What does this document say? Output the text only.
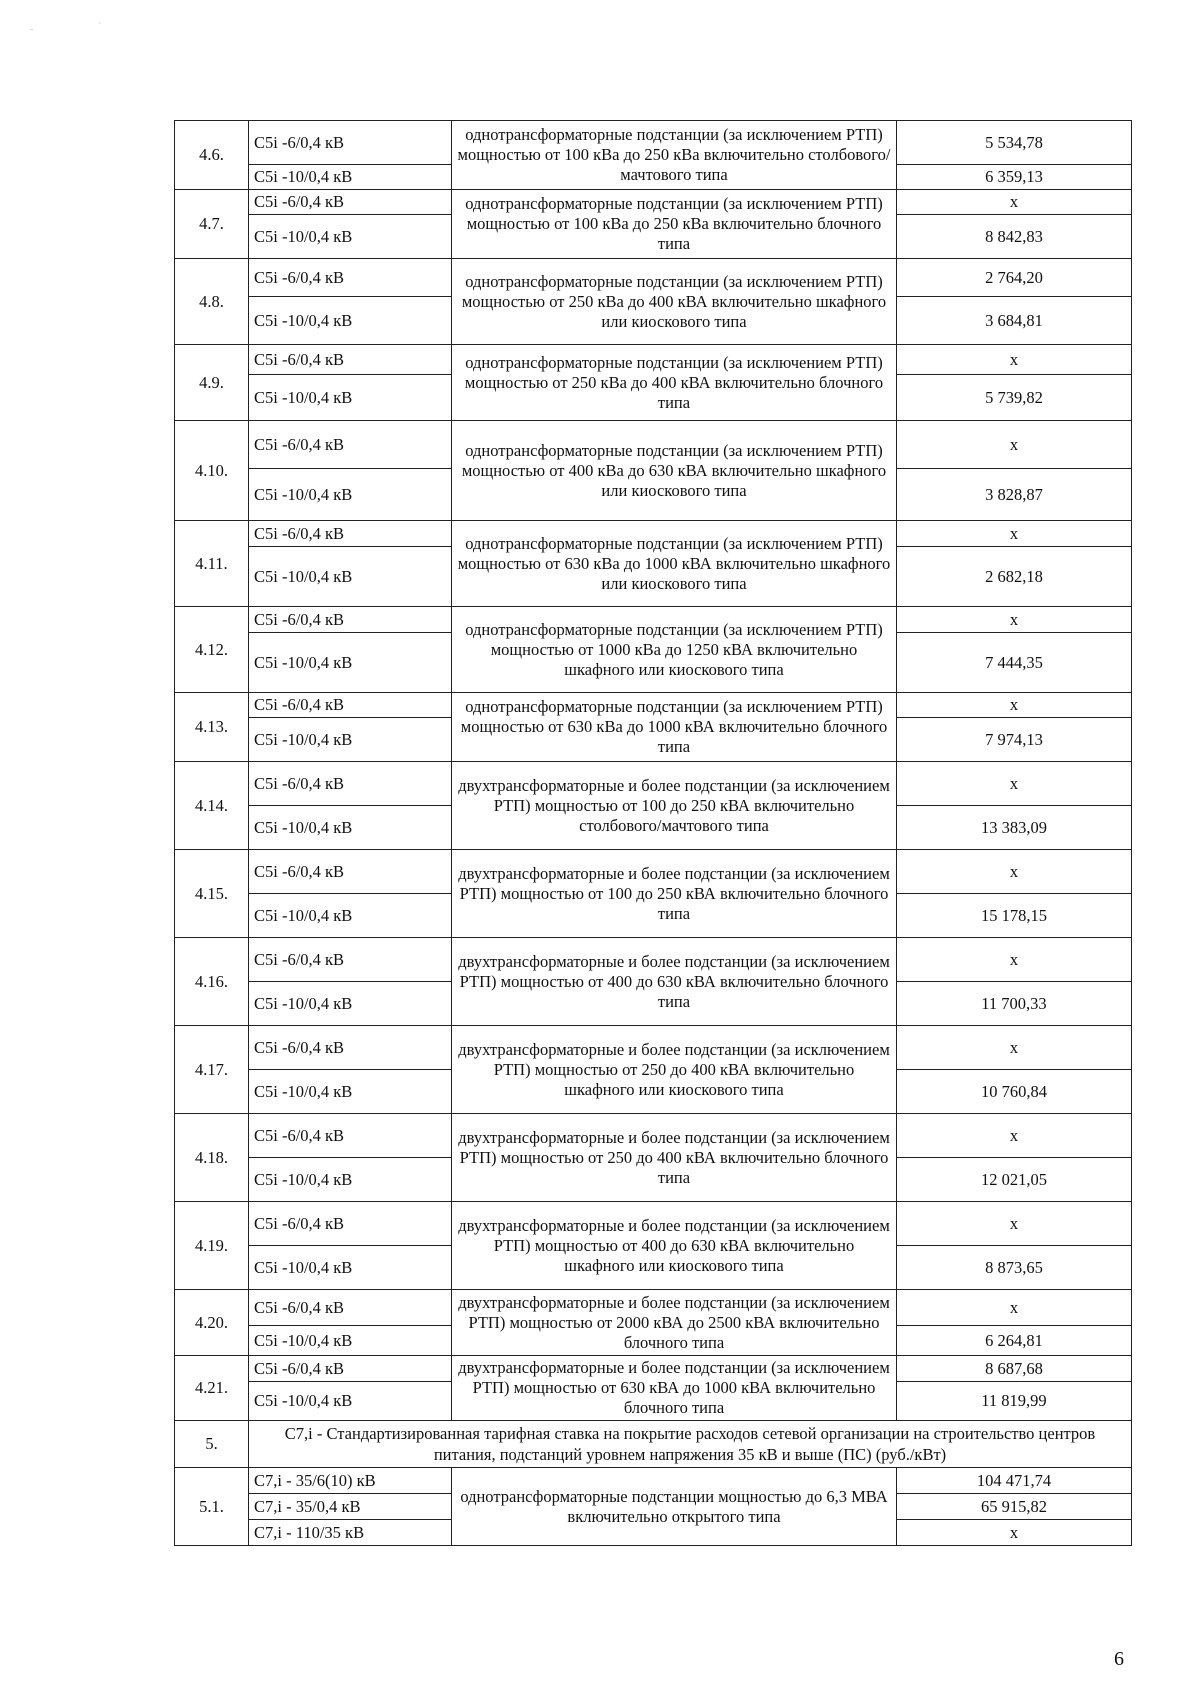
˜
`
4.6.	С5i -6/0,4 кВ	однотрансформаторные подстанции (за исключением РТП) мощностью от 100 кВа до 250 кВа включительно столбового/мачтового типа	5 534,78
	С5i -10/0,4 кВ		6 359,13
4.7.	С5i -6/0,4 кВ	однотрансформаторные подстанции (за исключением РТП) мощностью от 100 кВа до 250 кВа включительно блочного типа	х
	С5i -10/0,4 кВ		8 842,83
4.8.	С5i -6/0,4 кВ	однотрансформаторные подстанции (за исключением РТП) мощностью от 250 кВа до 400 кВА включительно шкафного или киоскового типа	2 764,20
	С5i -10/0,4 кВ		3 684,81
4.9.	С5i -6/0,4 кВ	однотрансформаторные подстанции (за исключением РТП) мощностью от 250 кВа до 400 кВА включительно блочного типа	х
	С5i -10/0,4 кВ		5 739,82
4.10.	С5i -6/0,4 кВ	однотрансформаторные подстанции (за исключением РТП) мощностью от 400 кВа до 630 кВА включительно шкафного или киоскового типа	х
	С5i -10/0,4 кВ		3 828,87
4.11.	С5i -6/0,4 кВ	однотрансформаторные подстанции (за исключением РТП) мощностью от 630 кВа до 1000 кВА включительно шкафного или киоскового типа	х
	С5i -10/0,4 кВ		2 682,18
4.12.	С5i -6/0,4 кВ	однотрансформаторные подстанции (за исключением РТП) мощностью от 1000 кВа до 1250 кВА включительно шкафного или киоскового типа	х
	С5i -10/0,4 кВ		7 444,35
4.13.	С5i -6/0,4 кВ	однотрансформаторные подстанции (за исключением РТП) мощностью от 630 кВа до 1000 кВА включительно блочного типа	х
	С5i -10/0,4 кВ		7 974,13
4.14.	С5i -6/0,4 кВ	двухтрансформаторные и более подстанции (за исключением РТП) мощностью от 100 до 250 кВА включительно столбового/мачтового типа	х
	С5i -10/0,4 кВ		13 383,09
4.15.	С5i -6/0,4 кВ	двухтрансформаторные и более подстанции (за исключением РТП) мощностью от 100 до 250 кВА включительно блочного типа	х
	С5i -10/0,4 кВ		15 178,15
4.16.	С5i -6/0,4 кВ	двухтрансформаторные и более подстанции (за исключением РТП) мощностью от 400 до 630 кВА включительно блочного типа	х
	С5i -10/0,4 кВ		11 700,33
4.17.	С5i -6/0,4 кВ	двухтрансформаторные и более подстанции (за исключением РТП) мощностью от 250 до 400 кВА включительно шкафного или киоскового типа	х
	С5i -10/0,4 кВ		10 760,84
4.18.	С5i -6/0,4 кВ	двухтрансформаторные и более подстанции (за исключением РТП) мощностью от 250 до 400 кВА включительно блочного типа	х
	С5i -10/0,4 кВ		12 021,05
4.19.	С5i -6/0,4 кВ	двухтрансформаторные и более подстанции (за исключением РТП) мощностью от 400 до 630 кВА включительно шкафного или киоскового типа	х
	С5i -10/0,4 кВ		8 873,65
4.20.	С5i -6/0,4 кВ	двухтрансформаторные и более подстанции (за исключением РТП) мощностью от 2000 кВА до 2500 кВА включительно блочного типа	х
	С5i -10/0,4 кВ		6 264,81
4.21.	С5i -6/0,4 кВ	двухтрансформаторные и более подстанции (за исключением РТП) мощностью от 630 кВА до 1000 кВА включительно блочного типа	8 687,68
	С5i -10/0,4 кВ		11 819,99
5.	С7,i - Стандартизированная тарифная ставка на покрытие расходов сетевой организации на строительство центров питания, подстанций уровнем напряжения 35 кВ и выше (ПС) (руб./кВт)		
5.1.	С7,i - 35/6(10) кВ	однотрансформаторные подстанции мощностью до 6,3 МВА включительно открытого типа	104 471,74
	С7,i - 35/0,4 кВ		65 915,82
	С7,i - 110/35 кВ		х
6
